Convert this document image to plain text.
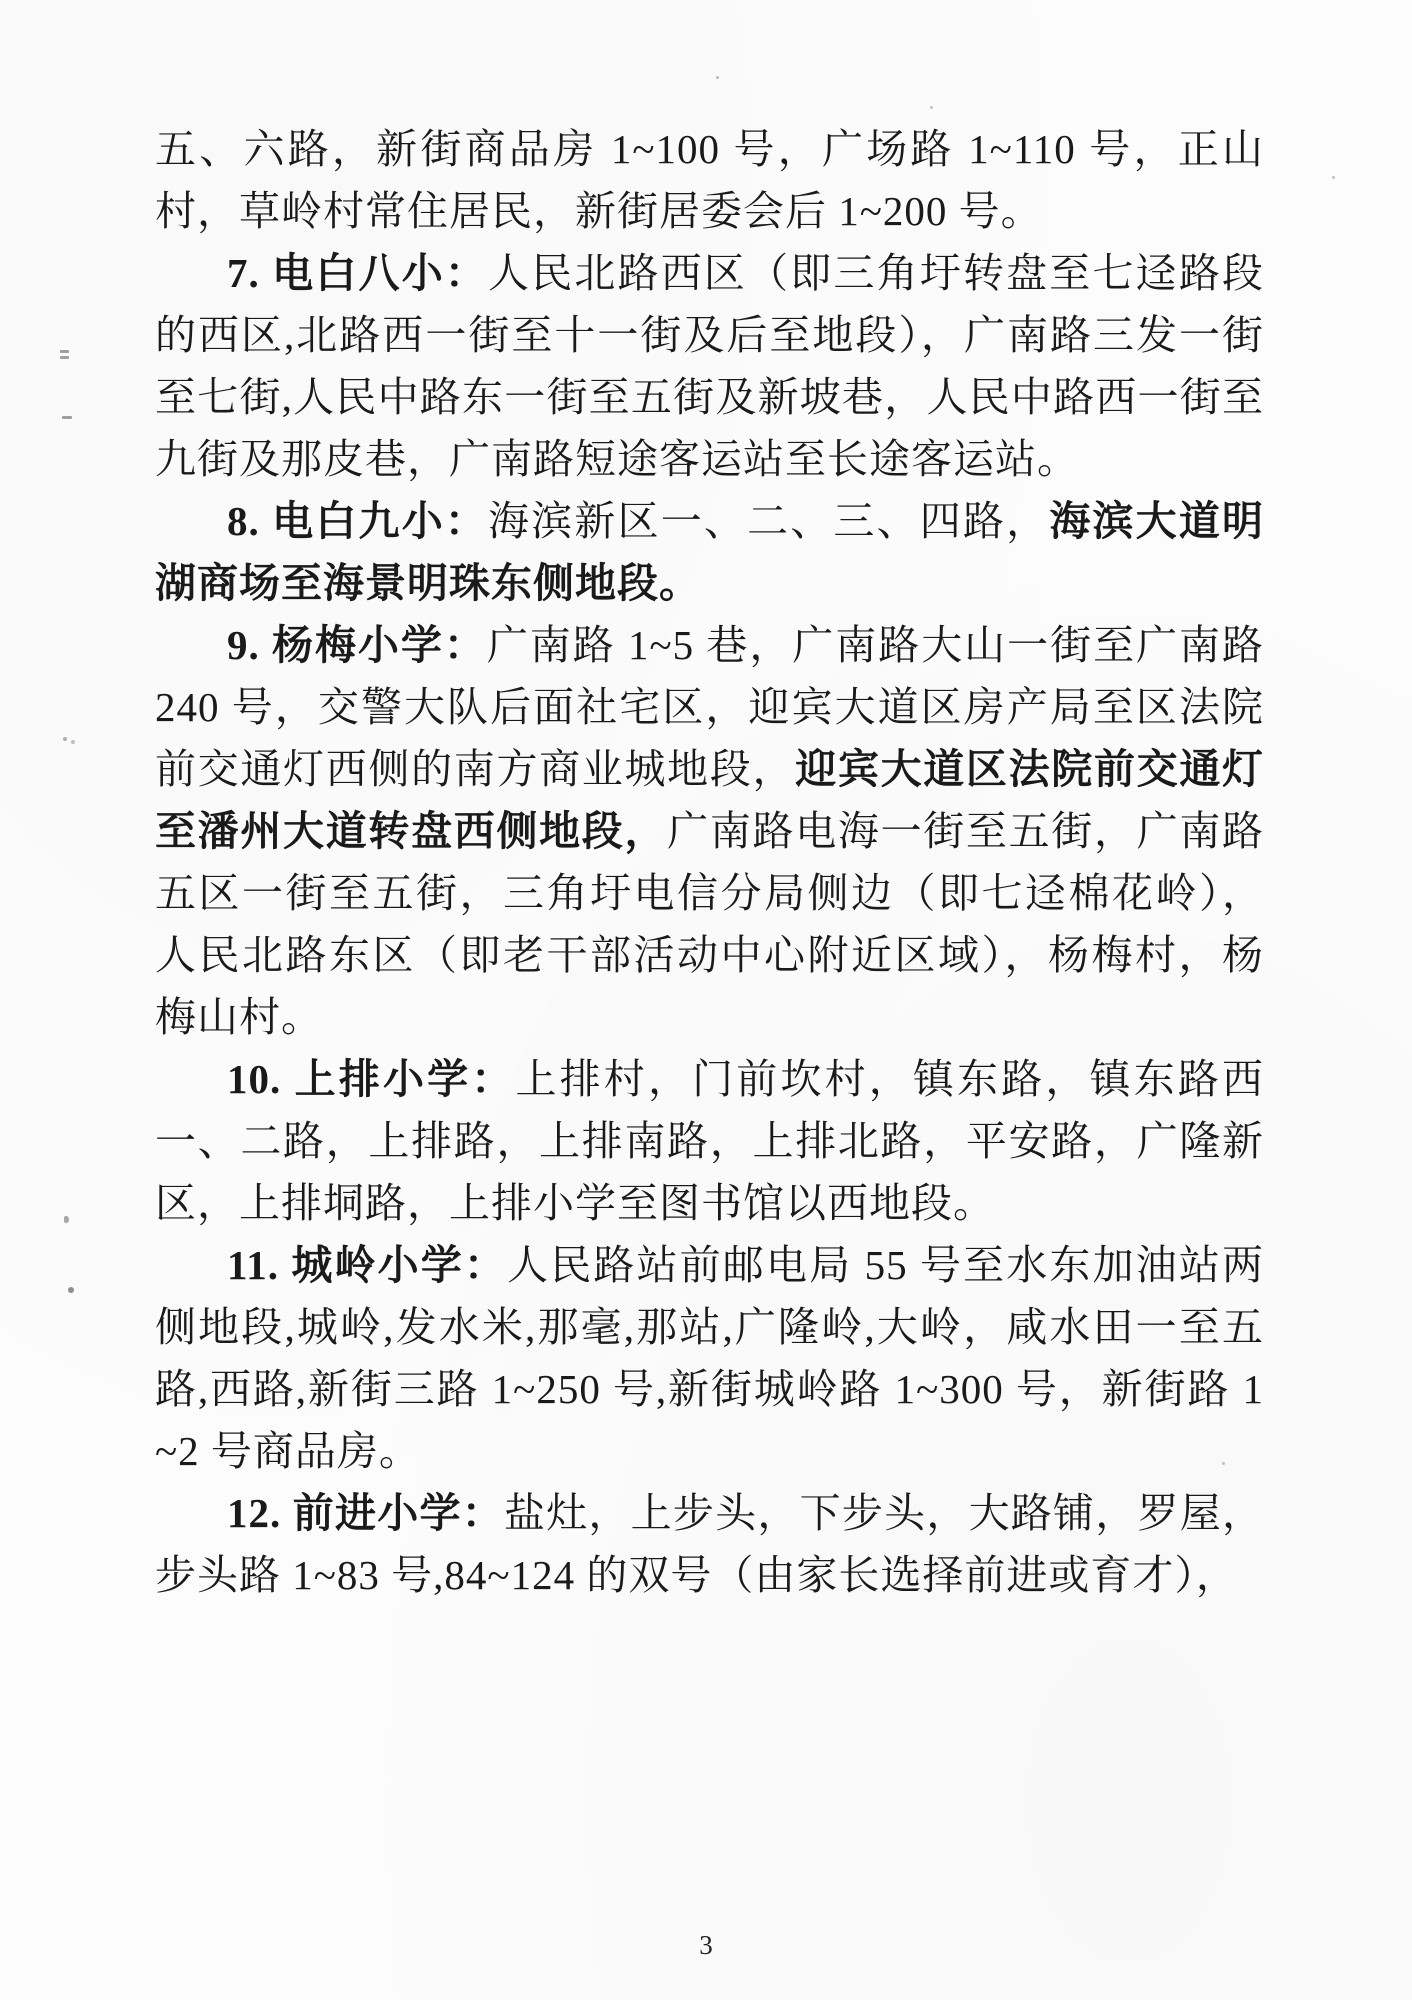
五、六路，新街商品房 1~100 号，广场路 1~110 号，正山村，草岭村常住居民，新街居委会后 1~200 号。

7. 电白八小：人民北路西区（即三角圩转盘至七迳路段的西区,北路西一街至十一街及后至地段），广南路三发一街至七街,人民中路东一街至五街及新坡巷，人民中路西一街至九街及那皮巷，广南路短途客运站至长途客运站。

8. 电白九小：海滨新区一、二、三、四路，海滨大道明湖商场至海景明珠东侧地段。

9. 杨梅小学：广南路 1~5 巷，广南路大山一街至广南路 240 号，交警大队后面社宅区，迎宾大道区房产局至区法院前交通灯西侧的南方商业城地段，迎宾大道区法院前交通灯至潘州大道转盘西侧地段，广南路电海一街至五街，广南路五区一街至五街，三角圩电信分局侧边（即七迳棉花岭），人民北路东区（即老干部活动中心附近区域），杨梅村，杨梅山村。

10. 上排小学：上排村，门前坎村，镇东路，镇东路西一、二路，上排路，上排南路，上排北路，平安路，广隆新区，上排垌路，上排小学至图书馆以西地段。

11. 城岭小学：人民路站前邮电局 55 号至水东加油站两侧地段,城岭,发水米,那毫,那站,广隆岭,大岭，咸水田一至五路,西路,新街三路 1~250 号,新街城岭路 1~300 号，新街路 1~2 号商品房。

12. 前进小学：盐灶，上步头，下步头，大路铺，罗屋，步头路 1~83 号,84~124 的双号（由家长选择前进或育才），

3
